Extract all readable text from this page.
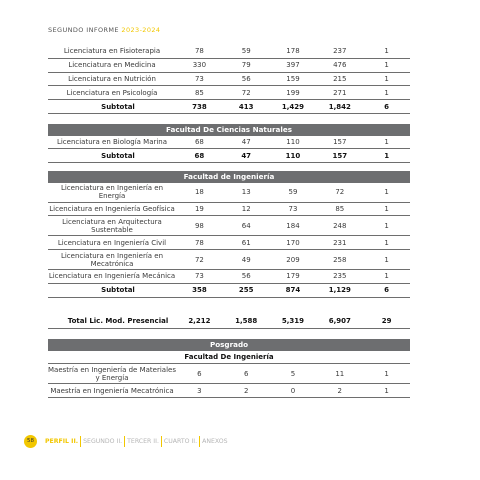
SEGUNDO INFORME 2023-2024
Licenciatura en Fisioterapia	78	59	178	237	1
Licenciatura en Medicina	330	79	397	476	1
Licenciatura en Nutrición	73	56	159	215	1
Licenciatura en Psicología	85	72	199	271	1
Subtotal	738	413	1,429	1,842	6
Facultad De Ciencias Naturales					
Licenciatura en Biología Marina	68	47	110	157	1
Subtotal	68	47	110	157	1
Facultad de Ingeniería					
Licenciatura en Ingeniería en Energía	18	13	59	72	1
Licenciatura en Ingeniería Geofísica	19	12	73	85	1
Licenciatura en Arquitectura Sustentable	98	64	184	248	1
Licenciatura en Ingeniería Civil	78	61	170	231	1
Licenciatura en Ingeniería en Mecatrónica	72	49	209	258	1
Licenciatura en Ingeniería Mecánica	73	56	179	235	1
Subtotal	358	255	874	1,129	6
Total Lic. Mod. Presencial	2,212	1,588	5,319	6,907	29
Posgrado					
Facultad De Ingeniería					
Maestría en Ingeniería de Materiales y Energía	6	6	5	11	1
Maestría en Ingeniería Mecatrónica	3	2	0	2	1
58	PERFIL II. SEGUNDO II. TERCER II. CUARTO II. ANEXOS
